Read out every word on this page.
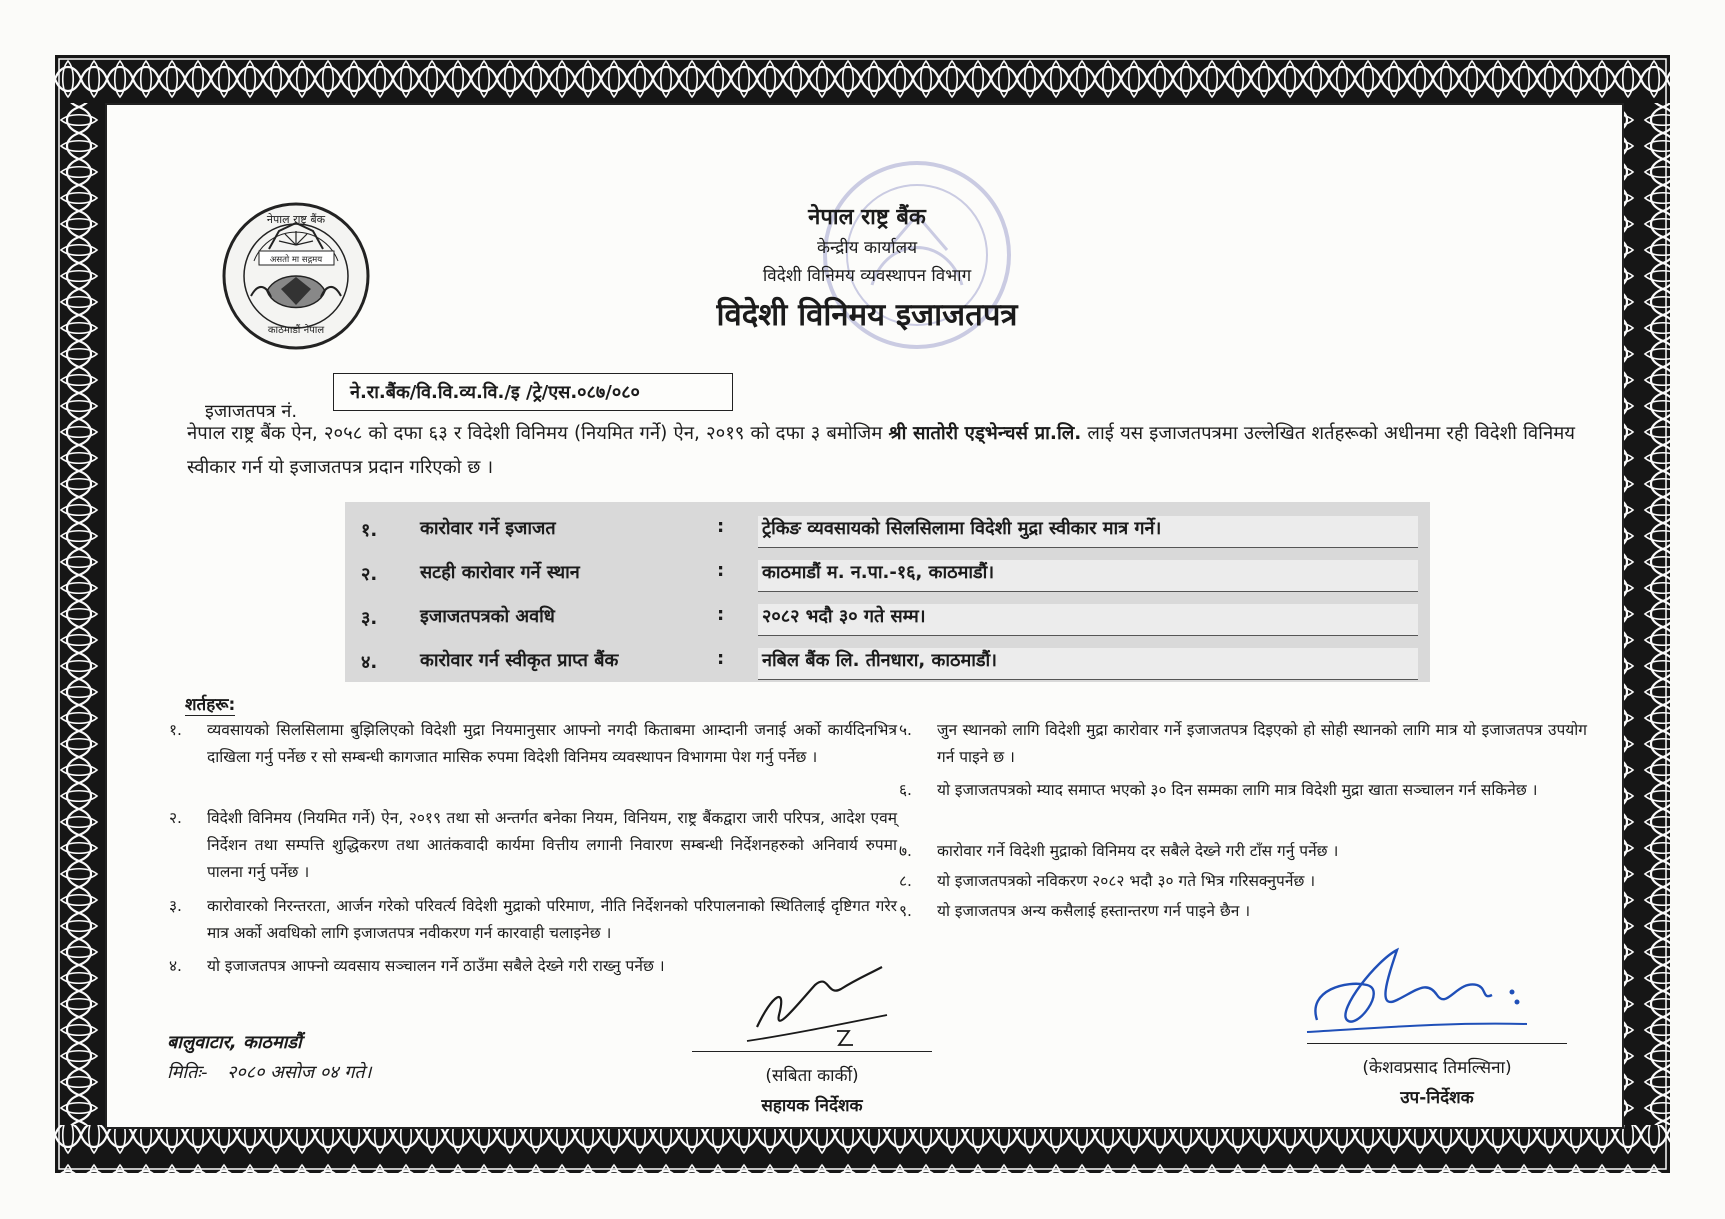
नेपाल राष्ट्र बैंक
असतो मा सद्गमय
काठमाडौं नेपाल
नेपाल राष्ट्र बैंक
केन्द्रीय कार्यालय
विदेशी विनिमय व्यवस्थापन विभाग
विदेशी विनिमय इजाजतपत्र
इजाजतपत्र नं.
ने.रा.बैंक/वि.वि.व्य.वि./इ /ट्रे/एस.०८७/०८०
नेपाल राष्ट्र बैंक ऐन, २०५८ को दफा ६३ र विदेशी विनिमय (नियमित गर्ने) ऐन, २०१९ को दफा ३ बमोजिम श्री सातोरी एड्भेन्चर्स प्रा.लि. लाई यस इजाजतपत्रमा उल्लेखित शर्तहरूको अधीनमा रही विदेशी विनिमय स्वीकार गर्न यो इजाजतपत्र प्रदान गरिएको छ ।
१. कारोवार गर्ने इजाजत	: ट्रेकिङ व्यवसायको सिलसिलामा विदेशी मुद्रा स्वीकार मात्र गर्ने।
२. सटही कारोवार गर्ने स्थान	: काठमाडौं म. न.पा.-१६, काठमाडौं।
३. इजाजतपत्रको अवधि	: २०८२ भदौ ३० गते सम्म।
४. कारोवार गर्न स्वीकृत प्राप्त बैंक	: नबिल बैंक लि. तीनधारा, काठमाडौं।
शर्तहरू:
१. व्यवसायको सिलसिलामा बुझिलिएको विदेशी मुद्रा नियमानुसार आफ्नो नगदी किताबमा आम्दानी जनाई अर्को कार्यदिनभित्र दाखिला गर्नु पर्नेछ र सो सम्बन्धी कागजात मासिक रुपमा विदेशी विनिमय व्यवस्थापन विभागमा पेश गर्नु पर्नेछ ।
२. विदेशी विनिमय (नियमित गर्ने) ऐन, २०१९ तथा सो अन्तर्गत बनेका नियम, विनियम, राष्ट्र बैंकद्वारा जारी परिपत्र, आदेश एवम् निर्देशन तथा सम्पत्ति शुद्धिकरण तथा आतंकवादी कार्यमा वित्तीय लगानी निवारण सम्बन्धी निर्देशनहरुको अनिवार्य रुपमा पालना गर्नु पर्नेछ ।
३. कारोवारको निरन्तरता, आर्जन गरेको परिवर्त्य विदेशी मुद्राको परिमाण, नीति निर्देशनको परिपालनाको स्थितिलाई दृष्टिगत गरेर मात्र अर्को अवधिको लागि इजाजतपत्र नवीकरण गर्न कारवाही चलाइनेछ ।
४. यो इजाजतपत्र आफ्नो व्यवसाय सञ्चालन गर्ने ठाउँमा सबैले देख्ने गरी राख्नु पर्नेछ ।
५. जुन स्थानको लागि विदेशी मुद्रा कारोवार गर्ने इजाजतपत्र दिइएको हो सोही स्थानको लागि मात्र यो इजाजतपत्र उपयोग गर्न पाइने छ ।
६. यो इजाजतपत्रको म्याद समाप्त भएको ३० दिन सम्मका लागि मात्र विदेशी मुद्रा खाता सञ्चालन गर्न सकिनेछ ।
७. कारोवार गर्ने विदेशी मुद्राको विनिमय दर सबैले देख्ने गरी टाँस गर्नु पर्नेछ ।
८. यो इजाजतपत्रको नविकरण २०८२ भदौ ३० गते भित्र गरिसक्नुपर्नेछ ।
९. यो इजाजतपत्र अन्य कसैलाई हस्तान्तरण गर्न पाइने छैन ।
बालुवाटार, काठमाडौं
मितिः- २०८० असोज ०४ गते।	(सबिता कार्की)
सहायक निर्देशक
(केशवप्रसाद तिमल्सिना)
उप-निर्देशक
